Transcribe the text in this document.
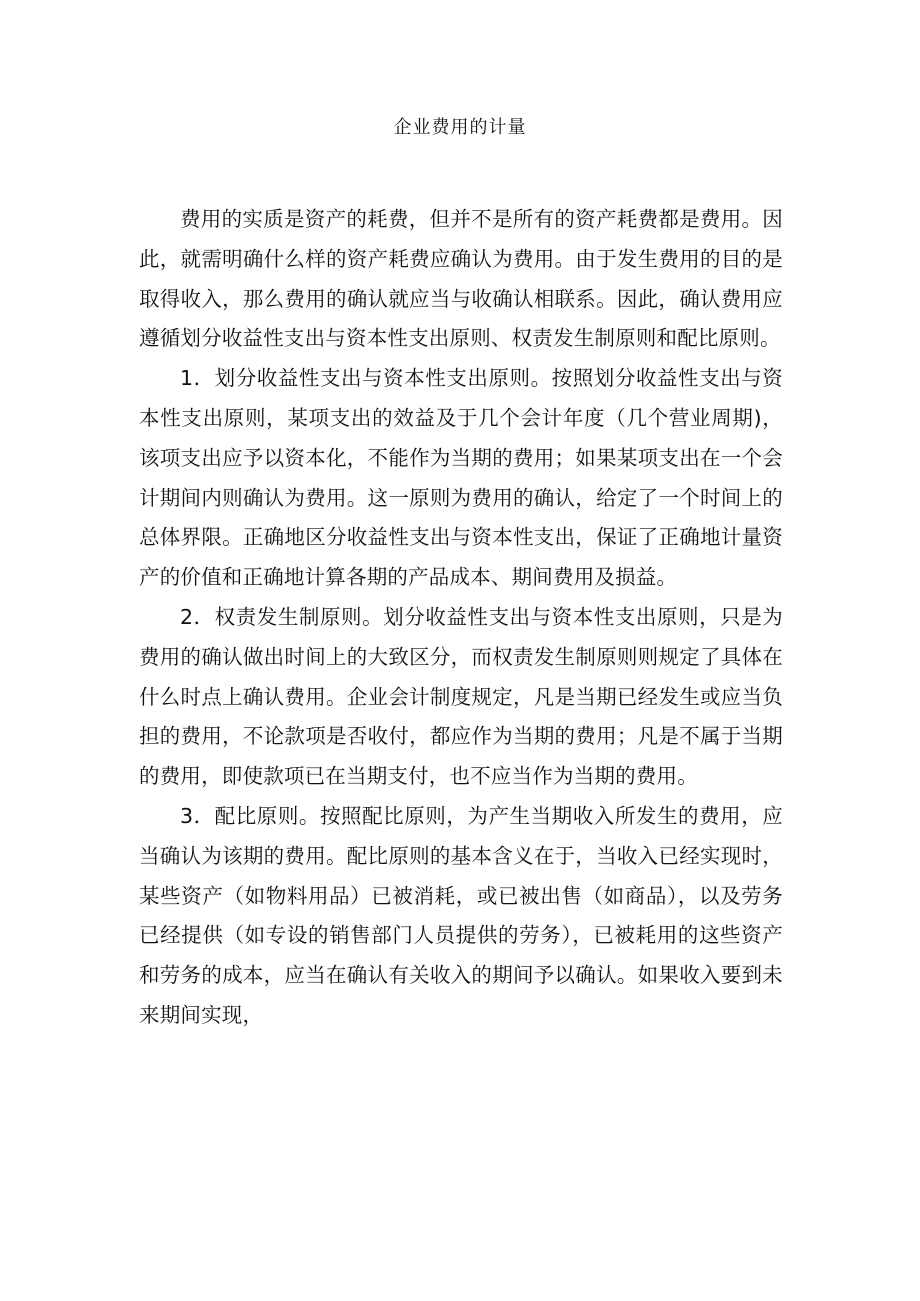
企业费用的计量

费用的实质是资产的耗费，但并不是所有的资产耗费都是费用。因此，就需明确什么样的资产耗费应确认为费用。由于发生费用的目的是取得收入，那么费用的确认就应当与收确认相联系。因此，确认费用应遵循划分收益性支出与资本性支出原则、权责发生制原则和配比原则。

1．划分收益性支出与资本性支出原则。按照划分收益性支出与资本性支出原则，某项支出的效益及于几个会计年度（几个营业周期)，该项支出应予以资本化，不能作为当期的费用；如果某项支出在一个会计期间内则确认为费用。这一原则为费用的确认，给定了一个时间上的总体界限。正确地区分收益性支出与资本性支出，保证了正确地计量资产的价值和正确地计算各期的产品成本、期间费用及损益。

2．权责发生制原则。划分收益性支出与资本性支出原则，只是为费用的确认做出时间上的大致区分，而权责发生制原则则规定了具体在什么时点上确认费用。企业会计制度规定，凡是当期已经发生或应当负担的费用，不论款项是否收付，都应作为当期的费用；凡是不属于当期的费用，即使款项已在当期支付，也不应当作为当期的费用。

3．配比原则。按照配比原则，为产生当期收入所发生的费用，应当确认为该期的费用。配比原则的基本含义在于，当收入已经实现时，某些资产（如物料用品）已被消耗，或已被出售（如商品），以及劳务已经提供（如专设的销售部门人员提供的劳务），已被耗用的这些资产和劳务的成本，应当在确认有关收入的期间予以确认。如果收入要到未来期间实现，
